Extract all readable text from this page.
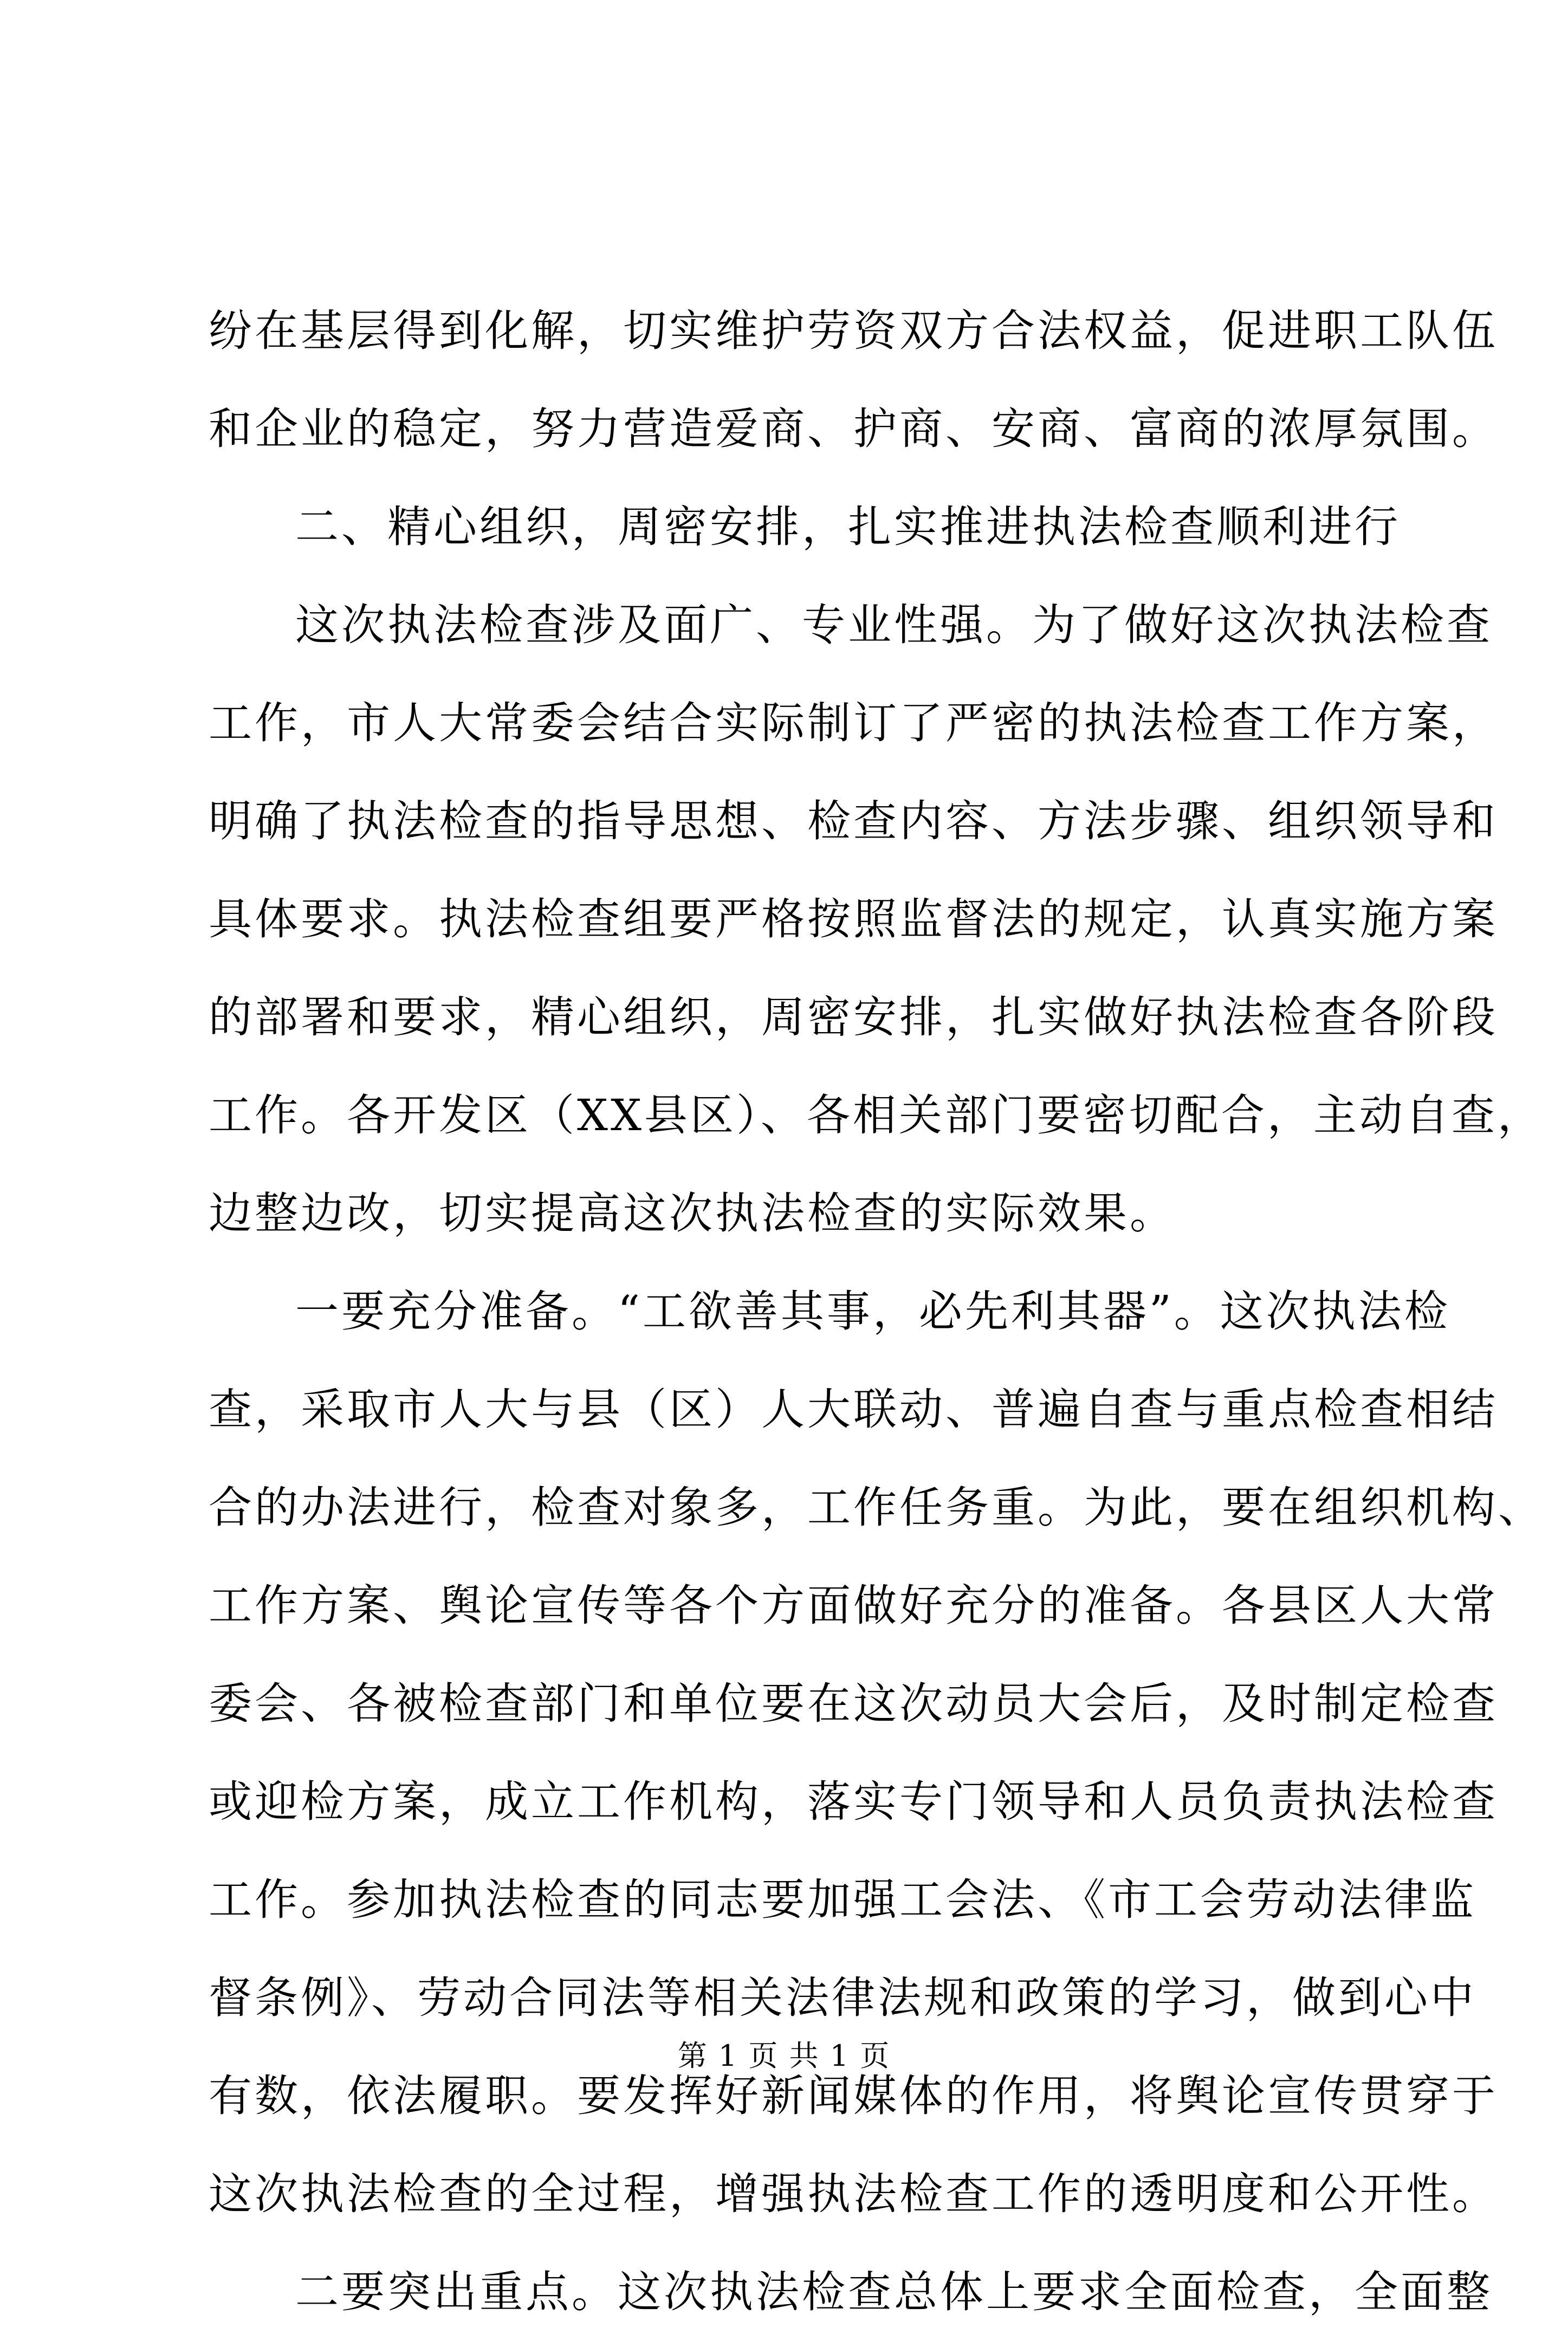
纷在基层得到化解，切实维护劳资双方合法权益，促进职工队伍
和企业的稳定，努力营造爱商、护商、安商、富商的浓厚氛围。
二、精心组织，周密安排，扎实推进执法检查顺利进行
这次执法检查涉及面广、专业性强。为了做好这次执法检查
工作，市人大常委会结合实际制订了严密的执法检查工作方案，
明确了执法检查的指导思想、检查内容、方法步骤、组织领导和
具体要求。执法检查组要严格按照监督法的规定，认真实施方案
的部署和要求，精心组织，周密安排，扎实做好执法检查各阶段
工作。各开发区（XX县区）、各相关部门要密切配合，主动自查，
边整边改，切实提高这次执法检查的实际效果。
一要充分准备。“工欲善其事，必先利其器”。这次执法检
查，采取市人大与县（区）人大联动、普遍自查与重点检查相结
合的办法进行，检查对象多，工作任务重。为此，要在组织机构、
工作方案、舆论宣传等各个方面做好充分的准备。各县区人大常
委会、各被检查部门和单位要在这次动员大会后，及时制定检查
或迎检方案，成立工作机构，落实专门领导和人员负责执法检查
工作。参加执法检查的同志要加强工会法、《市工会劳动法律监
督条例》、劳动合同法等相关法律法规和政策的学习，做到心中
有数，依法履职。要发挥好新闻媒体的作用，将舆论宣传贯穿于
这次执法检查的全过程，增强执法检查工作的透明度和公开性。
二要突出重点。这次执法检查总体上要求全面检查，全面整
第 1 页 共 1 页
